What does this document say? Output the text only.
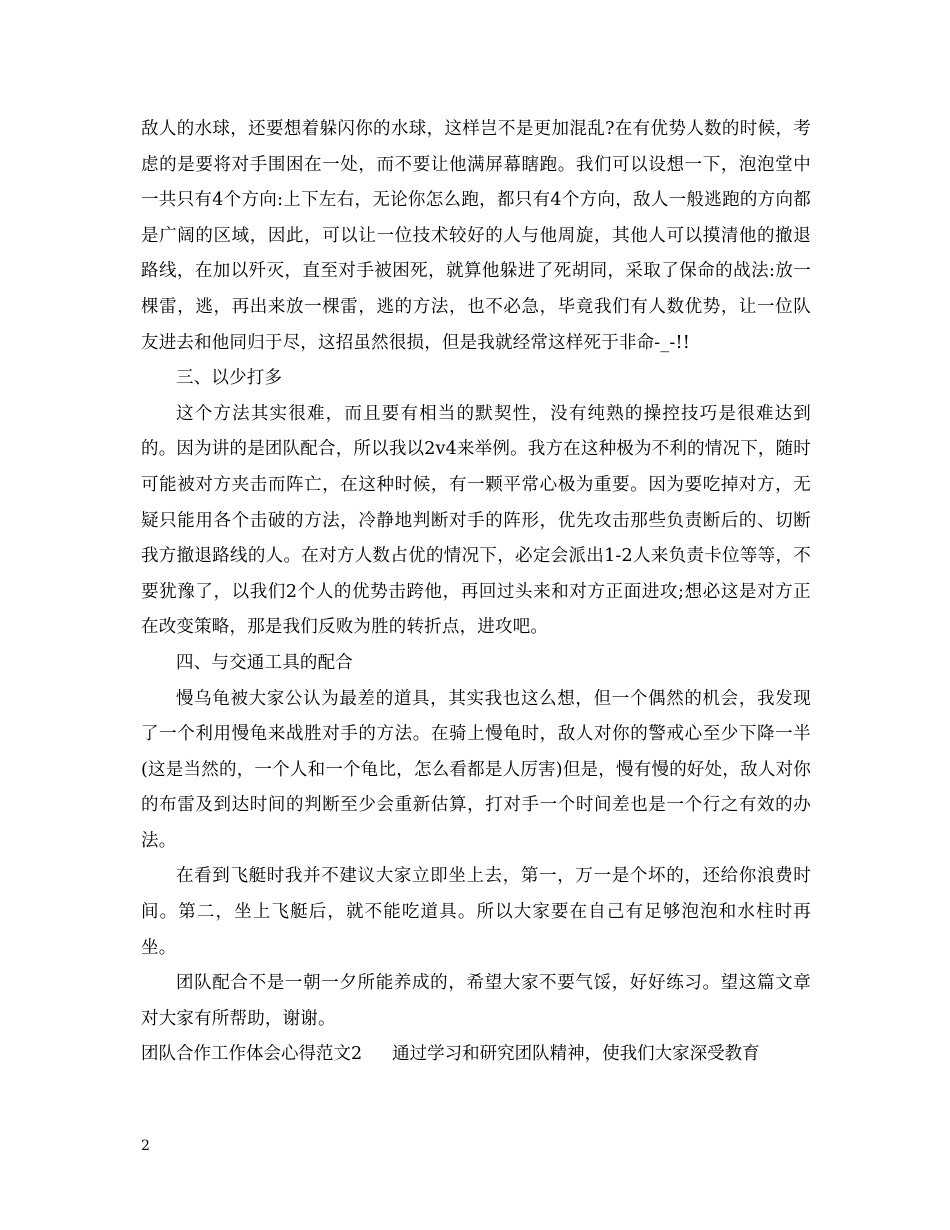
敌人的水球，还要想着躲闪你的水球，这样岂不是更加混乱?在有优势人数的时候，考虑的是要将对手围困在一处，而不要让他满屏幕瞎跑。我们可以设想一下，泡泡堂中一共只有4个方向:上下左右，无论你怎么跑，都只有4个方向，敌人一般逃跑的方向都是广阔的区域，因此，可以让一位技术较好的人与他周旋，其他人可以摸清他的撤退路线，在加以歼灭，直至对手被困死，就算他躲进了死胡同，采取了保命的战法:放一棵雷，逃，再出来放一棵雷，逃的方法，也不必急，毕竟我们有人数优势，让一位队友进去和他同归于尽，这招虽然很损，但是我就经常这样死于非命-_-!!

三、以少打多

这个方法其实很难，而且要有相当的默契性，没有纯熟的操控技巧是很难达到的。因为讲的是团队配合，所以我以2v4来举例。我方在这种极为不利的情况下，随时可能被对方夹击而阵亡，在这种时候，有一颗平常心极为重要。因为要吃掉对方，无疑只能用各个击破的方法，冷静地判断对手的阵形，优先攻击那些负责断后的、切断我方撤退路线的人。在对方人数占优的情况下，必定会派出1-2人来负责卡位等等，不要犹豫了，以我们2个人的优势击跨他，再回过头来和对方正面进攻;想必这是对方正在改变策略，那是我们反败为胜的转折点，进攻吧。

四、与交通工具的配合

慢乌龟被大家公认为最差的道具，其实我也这么想，但一个偶然的机会，我发现了一个利用慢龟来战胜对手的方法。在骑上慢龟时，敌人对你的警戒心至少下降一半(这是当然的，一个人和一个龟比，怎么看都是人厉害)但是，慢有慢的好处，敌人对你的布雷及到达时间的判断至少会重新估算，打对手一个时间差也是一个行之有效的办法。

在看到飞艇时我并不建议大家立即坐上去，第一，万一是个坏的，还给你浪费时间。第二，坐上飞艇后，就不能吃道具。所以大家要在自己有足够泡泡和水柱时再坐。

团队配合不是一朝一夕所能养成的，希望大家不要气馁，好好练习。望这篇文章对大家有所帮助，谢谢。

团队合作工作体会心得范文2 通过学习和研究团队精神，使我们大家深受教育

2
